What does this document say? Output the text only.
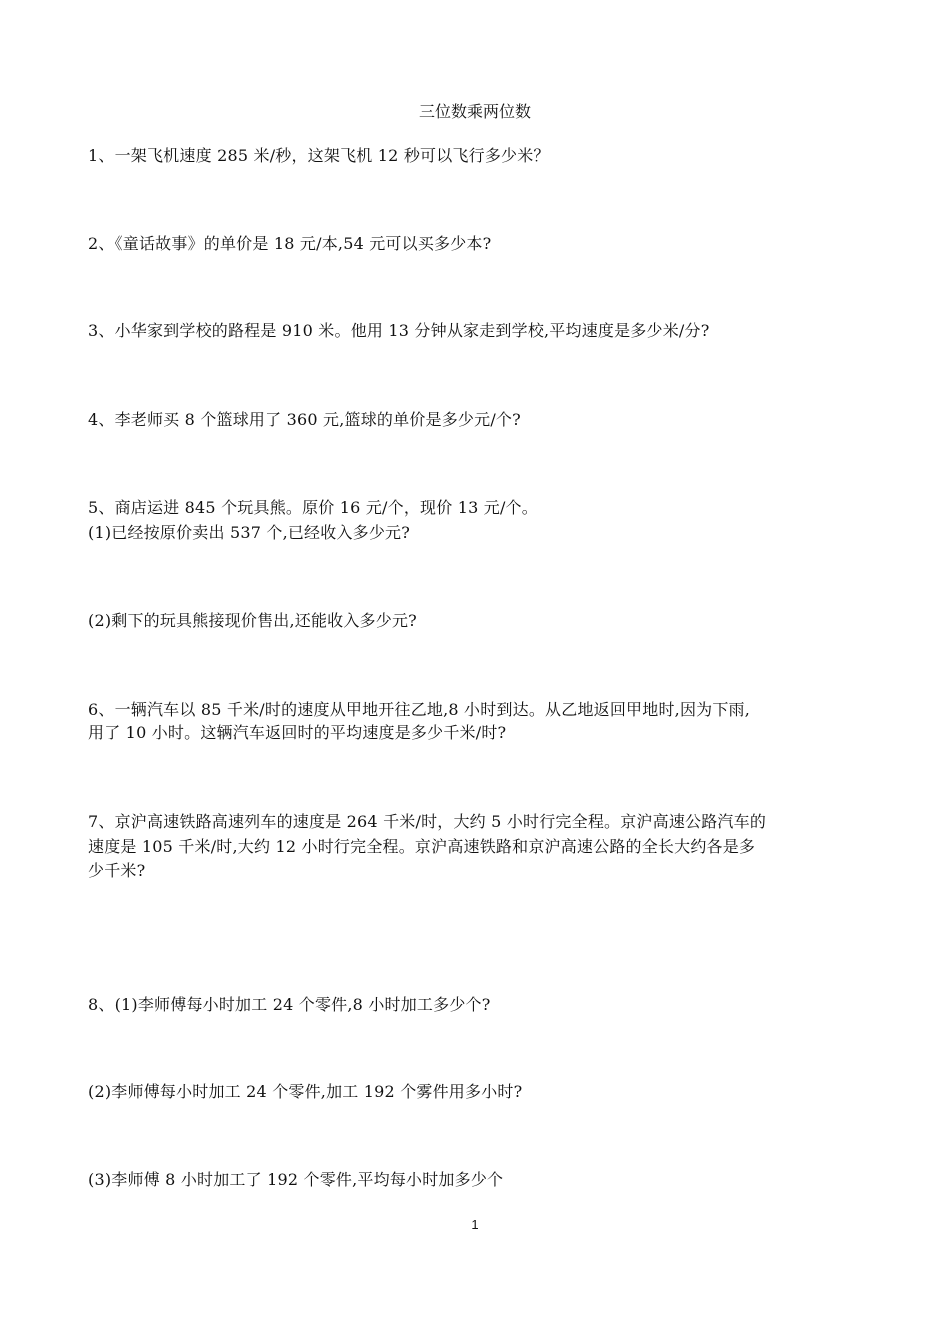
三位数乘两位数
1、一架飞机速度 285 米/秒，这架飞机 12 秒可以飞行多少米？
2、《童话故事》的单价是 18 元/本,54 元可以买多少本?
3、小华家到学校的路程是 910 米。他用 13 分钟从家走到学校,平均速度是多少米/分?
4、李老师买 8 个篮球用了 360 元,篮球的单价是多少元/个?
5、商店运进 845 个玩具熊。原价 16 元/个，现价 13 元/个。
(1)已经按原价卖出 537 个,已经收入多少元?
(2)剩下的玩具熊接现价售出,还能收入多少元?
6、一辆汽车以 85 千米/时的速度从甲地开往乙地,8 小时到达。从乙地返回甲地时,因为下雨,
用了 10 小时。这辆汽车返回时的平均速度是多少千米/时?
7、京沪高速铁路高速列车的速度是 264 千米/时，大约 5 小时行完全程。京沪高速公路汽车的
速度是 105 千米/时,大约 12 小时行完全程。京沪高速铁路和京沪高速公路的全长大约各是多
少千米?
8、(1)李师傅每小时加工 24 个零件,8 小时加工多少个?
(2)李师傅每小时加工 24 个零件,加工 192 个雾件用多小时?
(3)李师傅 8 小时加工了 192 个零件,平均每小时加多少个
1
